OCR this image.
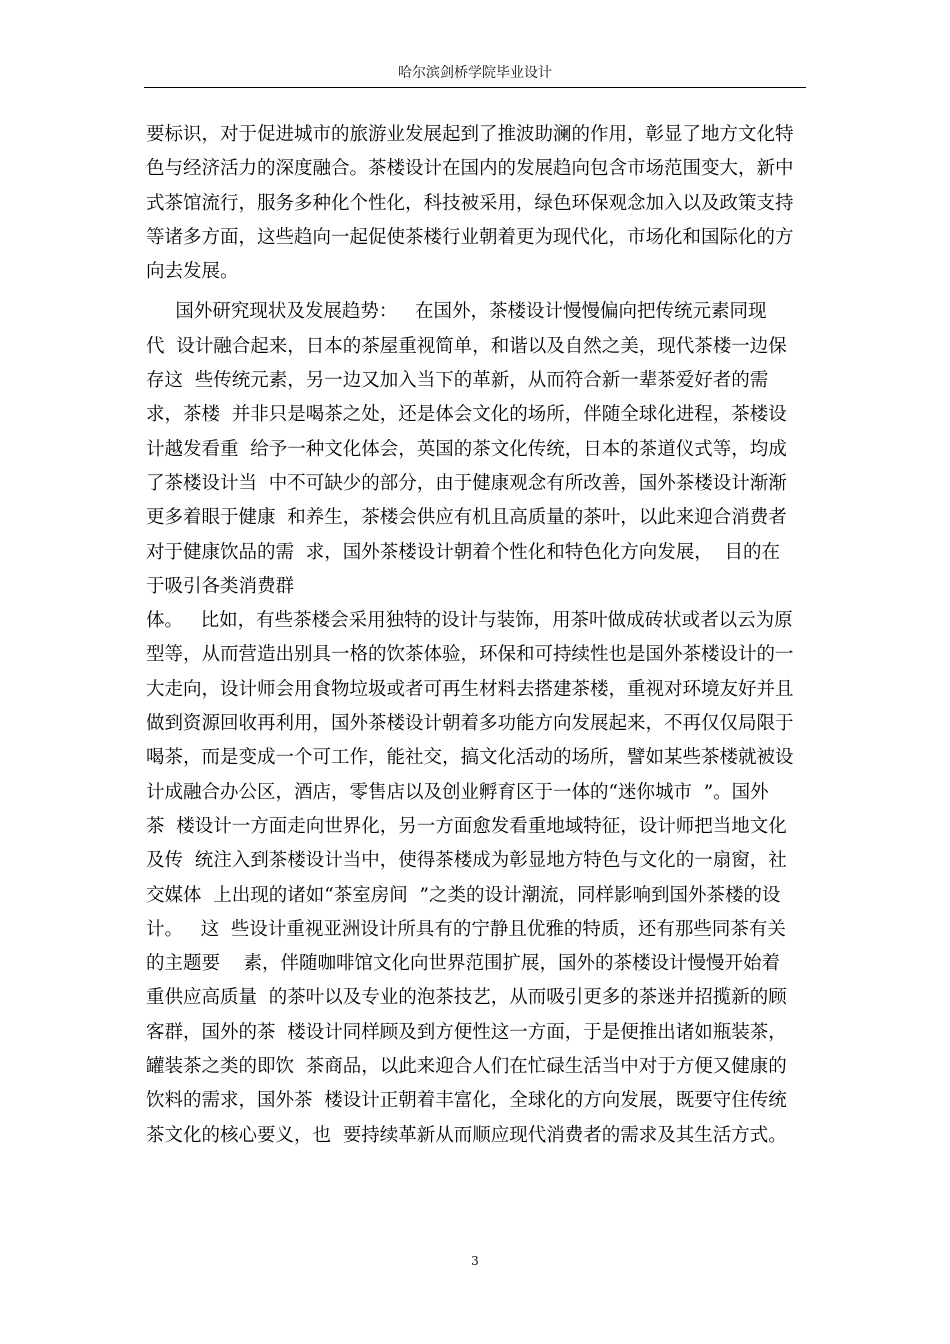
哈尔滨剑桥学院毕业设计
要标识，对于促进城市的旅游业发展起到了推波助澜的作用，彰显了地方文化特
色与经济活力的深度融合。茶楼设计在国内的发展趋向包含市场范围变大，新中
式茶馆流行，服务多种化个性化，科技被采用，绿色环保观念加入以及政策支持
等诸多方面，这些趋向一起促使茶楼行业朝着更为现代化，市场化和国际化的方
向去发展。
国外研究现状及发展趋势：   在国外，茶楼设计慢慢偏向把传统元素同现
代  设计融合起来，日本的茶屋重视简单，和谐以及自然之美，现代茶楼一边保
存这  些传统元素，另一边又加入当下的革新，从而符合新一辈茶爱好者的需
求，茶楼  并非只是喝茶之处，还是体会文化的场所，伴随全球化进程，茶楼设
计越发看重  给予一种文化体会，英国的茶文化传统，日本的茶道仪式等，均成
了茶楼设计当  中不可缺少的部分，由于健康观念有所改善，国外茶楼设计渐渐
更多着眼于健康  和养生，茶楼会供应有机且高质量的茶叶，以此来迎合消费者
对于健康饮品的需  求，国外茶楼设计朝着个性化和特色化方向发展，  目的在
于吸引各类消费群
体。   比如，有些茶楼会采用独特的设计与装饰，用茶叶做成砖状或者以云为原
型等，从而营造出别具一格的饮茶体验，环保和可持续性也是国外茶楼设计的一
大走向，设计师会用食物垃圾或者可再生材料去搭建茶楼，重视对环境友好并且
做到资源回收再利用，国外茶楼设计朝着多功能方向发展起来，不再仅仅局限于
喝茶，而是变成一个可工作，能社交，搞文化活动的场所，譬如某些茶楼就被设
计成融合办公区，酒店，零售店以及创业孵育区于一体的“迷你城市  ”。国外
茶  楼设计一方面走向世界化，另一方面愈发看重地域特征，设计师把当地文化
及传  统注入到茶楼设计当中，使得茶楼成为彰显地方特色与文化的一扇窗，社
交媒体  上出现的诸如“茶室房间  ”之类的设计潮流，同样影响到国外茶楼的设
计。   这  些设计重视亚洲设计所具有的宁静且优雅的特质，还有那些同茶有关
的主题要    素，伴随咖啡馆文化向世界范围扩展，国外的茶楼设计慢慢开始着
重供应高质量  的茶叶以及专业的泡茶技艺，从而吸引更多的茶迷并招揽新的顾
客群，国外的茶  楼设计同样顾及到方便性这一方面，于是便推出诸如瓶装茶，
罐装茶之类的即饮  茶商品，以此来迎合人们在忙碌生活当中对于方便又健康的
饮料的需求，国外茶  楼设计正朝着丰富化，全球化的方向发展，既要守住传统
茶文化的核心要义，也  要持续革新从而顺应现代消费者的需求及其生活方式。
3
